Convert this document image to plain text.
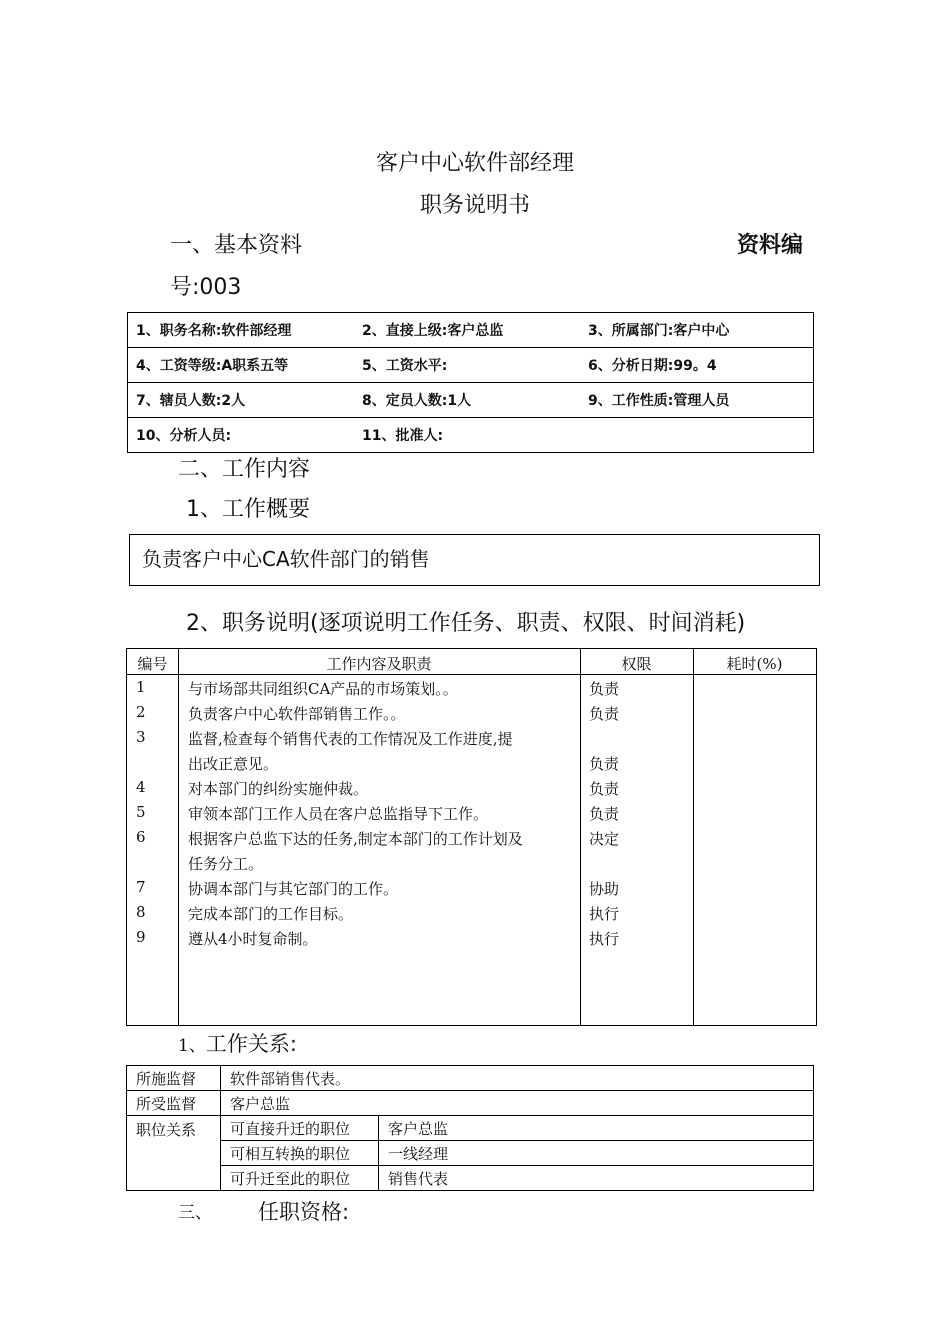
客户中心软件部经理
职务说明书
一、基本资料	资料编
号:003
1、职务名称:软件部经理	2、直接上级:客户总监	3、所属部门:客户中心
4、工资等级:A职系五等	5、工资水平:	6、分析日期:99。4
7、辖员人数:2人	8、定员人数:1人	9、工作性质:管理人员
10、分析人员:	11、批准人:	
二、工作内容
1、工作概要
负责客户中心CA软件部门的销售
2、职务说明(逐项说明工作任务、职责、权限、时间消耗)
编号	工作内容及职责	权限	耗时(%)
1	与市场部共同组织CA产品的市场策划。。	负责
2	负责客户中心软件部销售工作。。	负责
3	监督,检查每个销售代表的工作情况及工作进度,提
出改正意见。	负责
4	对本部门的纠纷实施仲裁。	负责
5	审领本部门工作人员在客户总监指导下工作。	负责
6	根据客户总监下达的任务,制定本部门的工作计划及	决定
任务分工。
7	协调本部门与其它部门的工作。	协助
8	完成本部门的工作目标。	执行
9	遵从4小时复命制。	执行
1、工作关系:
所施监督	软件部销售代表。	
所受监督	客户总监	
职位关系	可直接升迁的职位	客户总监
	可相互转换的职位	一线经理
	可升迁至此的职位	销售代表
三、 任职资格:
